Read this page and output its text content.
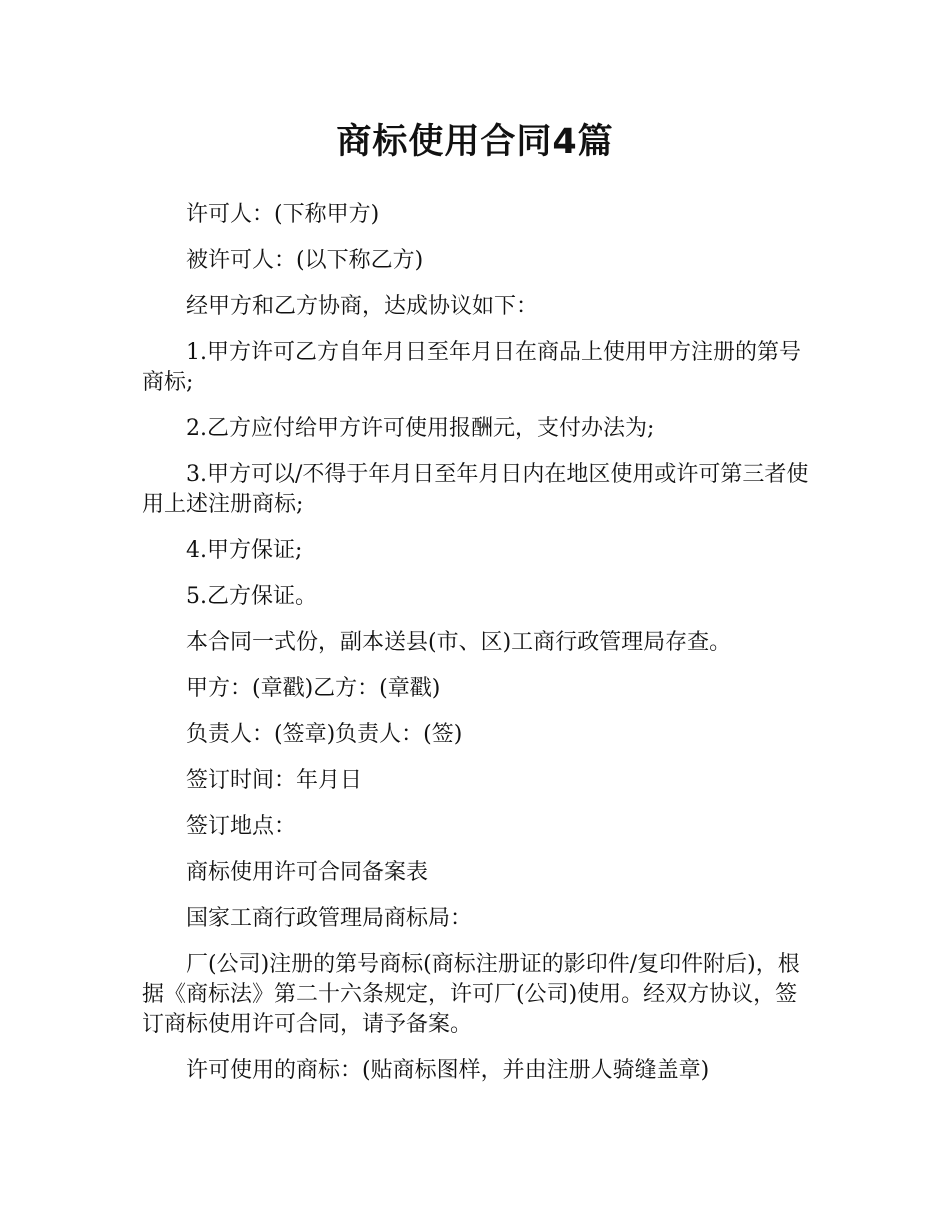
商标使用合同4篇

许可人：(下称甲方)

被许可人：(以下称乙方)

经甲方和乙方协商，达成协议如下：

1.甲方许可乙方自年月日至年月日在商品上使用甲方注册的第号商标;

2.乙方应付给甲方许可使用报酬元，支付办法为;

3.甲方可以/不得于年月日至年月日内在地区使用或许可第三者使用上述注册商标;

4.甲方保证;

5.乙方保证。

本合同一式份，副本送县(市、区)工商行政管理局存查。

甲方：(章戳)乙方：(章戳)

负责人：(签章)负责人：(签)

签订时间：年月日

签订地点：

商标使用许可合同备案表

国家工商行政管理局商标局：

厂(公司)注册的第号商标(商标注册证的影印件/复印件附后)，根据《商标法》第二十六条规定，许可厂(公司)使用。经双方协议，签订商标使用许可合同，请予备案。

许可使用的商标：(贴商标图样，并由注册人骑缝盖章)
